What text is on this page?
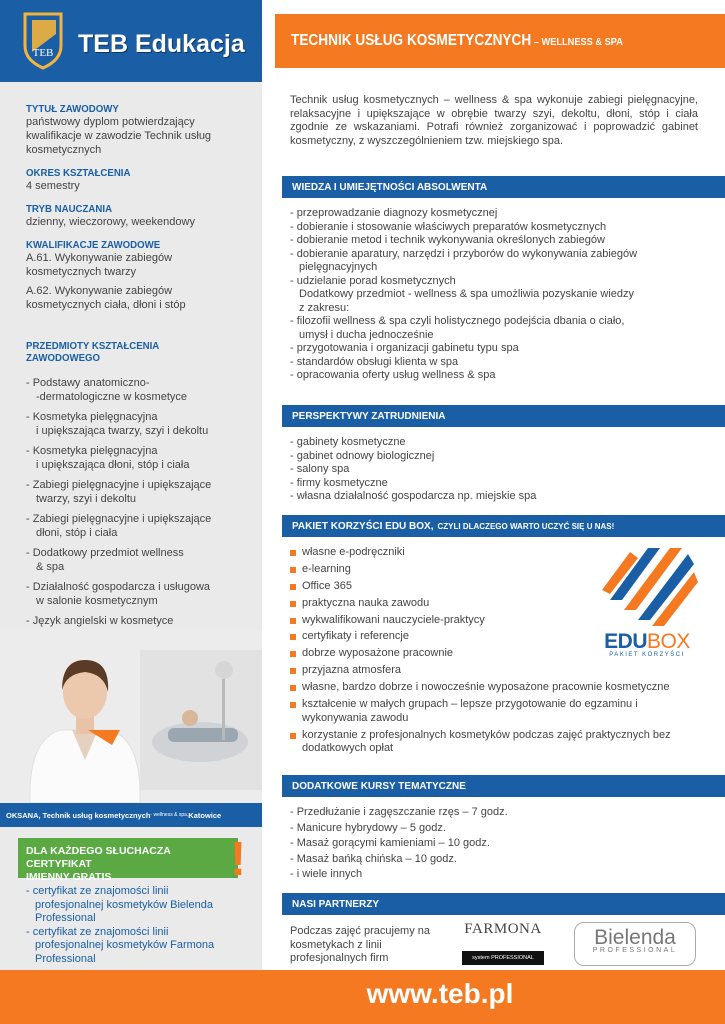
TEB TEB Edukacja	TECHNIK USŁUG KOSMETYCZNYCH – WELLNESS & SPA
TYTUŁ ZAWODOWY
państwowy dyplom potwierdzający kwalifikacje w zawodzie Technik usług kosmetycznych
OKRES KSZTAŁCENIA
4 semestry
TRYB NAUCZANIA
dzienny, wieczorowy, weekendowy
KWALIFIKACJE ZAWODOWE
A.61. Wykonywanie zabiegów kosmetycznych twarzy
A.62. Wykonywanie zabiegów kosmetycznych ciała, dłoni i stóp
PRZEDMIOTY KSZTAŁCENIA
ZAWODOWEGO
- Podstawy anatomiczno-
-dermatologiczne w kosmetyce
- Kosmetyka pielęgnacyjna
i upiększająca twarzy, szyi i dekoltu
- Kosmetyka pielęgnacyjna
i upiększająca dłoni, stóp i ciała
- Zabiegi pielęgnacyjne i upiększające
twarzy, szyi i dekoltu
- Zabiegi pielęgnacyjne i upiększające
dłoni, stóp i ciała
- Dodatkowy przedmiot wellness
& spa
- Działalność gospodarcza i usługowa
w salonie kosmetycznym
- Język angielski w kosmetyce
OKSANA, Technik usług kosmetycznych - wellness & spa, Katowice
DLA KAŻDEGO SŁUCHACZA CERTYFIKAT
IMIENNY GRATIS	!
- certyfikat ze znajomości linii
profesjonalnej kosmetyków Bielenda
Professional
- certyfikat ze znajomości linii
profesjonalnej kosmetyków Farmona
Professional
Technik usług kosmetycznych – wellness & spa wykonuje zabiegi pielęgnacyjne, relaksacyjne i upiększające w obrębie twarzy szyi, dekoltu, dłoni, stóp i ciała zgodnie ze wskazaniami. Potrafi również zorganizować i poprowadzić gabinet kosmetyczny, z wyszczególnieniem tzw. miejskiego spa.
WIEDZA I UMIEJĘTNOŚCI ABSOLWENTA

- przeprowadzanie diagnozy kosmetycznej

- dobieranie i stosowanie właściwych preparatów kosmetycznych

- dobieranie metod i technik wykonywania określonych zabiegów

- dobieranie aparatury, narzędzi i przyborów do wykonywania zabiegów

pielęgnacyjnych

- udzielanie porad kosmetycznych

Dodatkowy przedmiot - wellness & spa umożliwia pozyskanie wiedzy

z zakresu:

- filozofii wellness & spa czyli holistycznego podejścia dbania o ciało,

umysł i ducha jednocześnie

- przygotowania i organizacji gabinetu typu spa

- standardów obsługi klienta w spa

- opracowania oferty usług wellness & spa

PERSPEKTYWY ZATRUDNIENIA

- gabinety kosmetyczne

- gabinet odnowy biologicznej

- salony spa

- firmy kosmetyczne

- własna działalność gospodarcza np. miejskie spa

PAKIET KORZYŚCI EDU BOX, CZYLI DLACZEGO WARTO UCZYĆ SIĘ U NAS!
własne e-podręczniki
e-learning
Office 365
praktyczna nauka zawodu
wykwalifikowani nauczyciele-praktycy
certyfikaty i referencje
dobrze wyposażone pracownie
przyjazna atmosfera
własne, bardzo dobrze i nowocześnie wyposażone pracownie kosmetyczne
kształcenie w małych grupach – lepsze przygotowanie do egzaminu i wykonywania zawodu
korzystanie z profesjonalnych kosmetyków podczas zajęć praktycznych bez dodatkowych opłat
EDUBOX
PAKIET KORZYŚCI
DODATKOWE KURSY TEMATYCZNE

- Przedłużanie i zagęszczanie rzęs – 7 godz.

- Manicure hybrydowy – 5 godz.

- Masaż gorącymi kamieniami – 10 godz.

- Masaż bańką chińska – 10 godz.

- i wiele innych

NASI PARTNERZY
Podczas zajęć pracujemy na kosmetykach z linii profesjonalnych firm
FARMONA
system PROFESSIONAL
Bielenda
PROFESSIONAL
www.teb.pl
